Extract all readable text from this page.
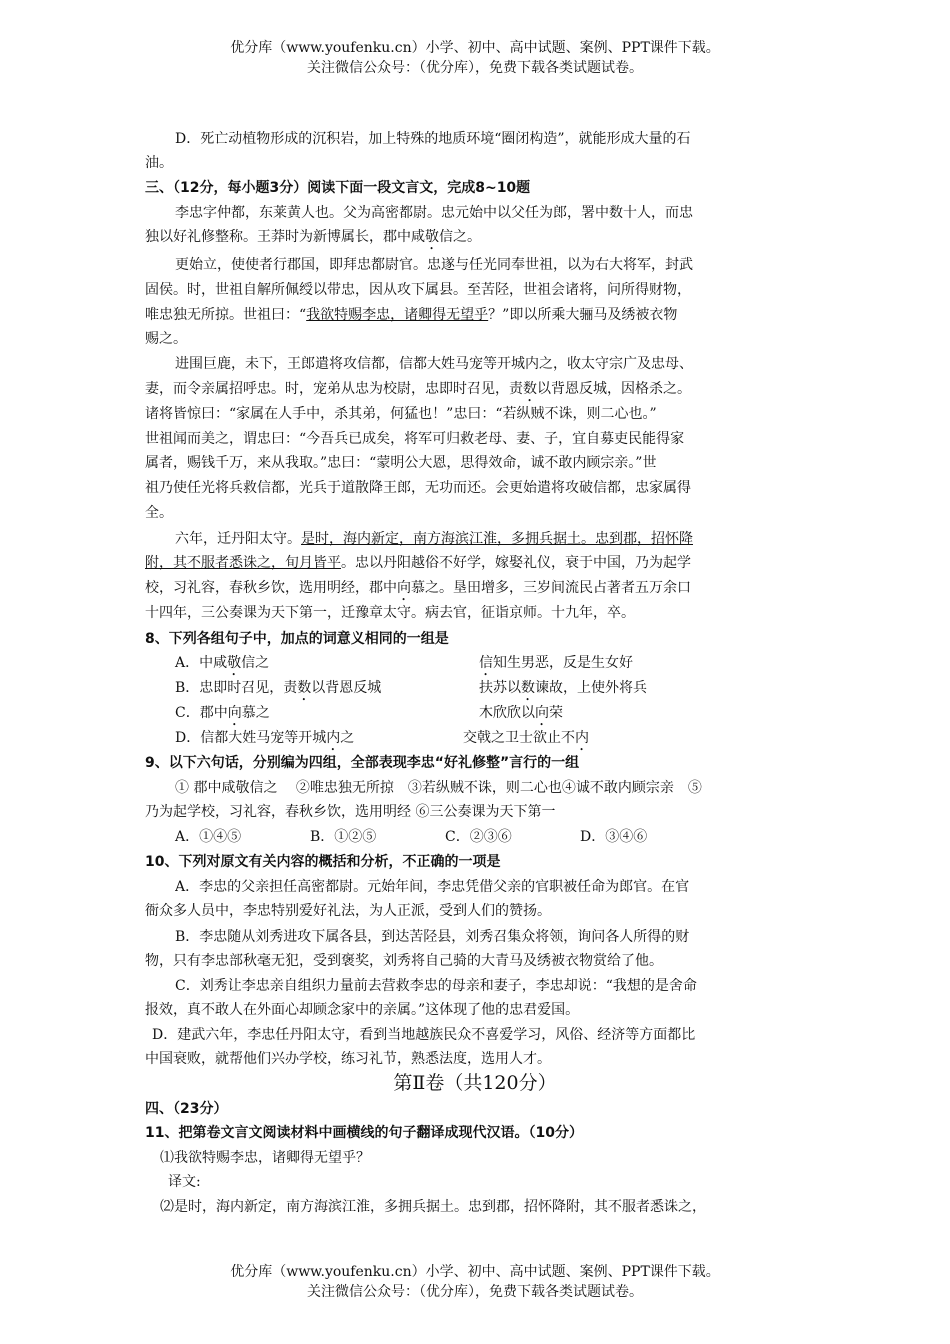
优分库（www.youfenku.cn）小学、初中、高中试题、案例、PPT课件下载。
关注微信公众号：（优分库），免费下载各类试题试卷。
D．死亡动植物形成的沉积岩，加上特殊的地质环境“圈闭构造”，就能形成大量的石
油。
三、（12分，每小题3分）阅读下面一段文言文，完成8~10题
李忠字仲都，东莱黄人也。父为高密都尉。忠元始中以父任为郎，署中数十人，而忠
独以好礼修整称。王莽时为新博属长，郡中咸敬信之。
更始立，使使者行郡国，即拜忠都尉官。忠遂与任光同奉世祖，以为右大将军，封武
固侯。时，世祖自解所佩绶以带忠，因从攻下属县。至苦陉，世祖会诸将，问所得财物，
唯忠独无所掠。世祖曰：“我欲特赐李忠，诸卿得无望乎？”即以所乘大骊马及绣被衣物
赐之。
进围巨鹿，未下，王郎遣将攻信都，信都大姓马宠等开城内之，收太守宗广及忠母、
妻，而令亲属招呼忠。时，宠弟从忠为校尉，忠即时召见，责数以背恩反城，因格杀之。
诸将皆惊曰：“家属在人手中，杀其弟，何猛也！”忠曰：“若纵贼不诛，则二心也。”
世祖闻而美之，谓忠曰：“今吾兵已成矣，将军可归救老母、妻、子，宜自募吏民能得家
属者，赐钱千万，来从我取。”忠曰：“蒙明公大恩，思得效命，诚不敢内顾宗亲。”世
祖乃使任光将兵救信都，光兵于道散降王郎，无功而还。会更始遣将攻破信都，忠家属得
全。
六年，迁丹阳太守。是时，海内新定，南方海滨江淮，多拥兵据土。忠到郡，招怀降
附，其不服者悉诛之，旬月皆平。忠以丹阳越俗不好学，嫁娶礼仪，衰于中国，乃为起学
校，习礼容，春秋乡饮，选用明经，郡中向慕之。垦田增多，三岁间流民占著者五万余口
十四年，三公奏课为天下第一，迁豫章太守。病去官，征诣京师。十九年，卒。
8、下列各组句子中，加点的词意义相同的一组是
A．中咸敬信之	信知生男恶，反是生女好
B．忠即时召见，责数以背恩反城	扶苏以数谏故，上使外将兵
C．郡中向慕之	木欣欣以向荣
D．信都大姓马宠等开城内之	交戟之卫士欲止不内
9、以下六句话，分别编为四组，全部表现李忠“好礼修整”言行的一组
① 郡中咸敬信之　 ②唯忠独无所掠　③若纵贼不诛，则二心也④诚不敢内顾宗亲　⑤
乃为起学校，习礼容，春秋乡饮，选用明经 ⑥三公奏课为天下第一
A．①④⑤	B．①②⑤	C．②③⑥	D．③④⑥
10、下列对原文有关内容的概括和分析，不正确的一项是
A．李忠的父亲担任高密都尉。元始年间，李忠凭借父亲的官职被任命为郎官。在官
衙众多人员中，李忠特别爱好礼法，为人正派，受到人们的赞扬。
B．李忠随从刘秀进攻下属各县，到达苦陉县，刘秀召集众将领，询问各人所得的财
物，只有李忠部秋毫无犯，受到褒奖，刘秀将自己骑的大青马及绣被衣物赏给了他。
C．刘秀让李忠亲自组织力量前去营救李忠的母亲和妻子，李忠却说：“我想的是舍命
报效，真不敢人在外面心却顾念家中的亲属。”这体现了他的忠君爱国。
D．建武六年，李忠任丹阳太守，看到当地越族民众不喜爱学习，风俗、经济等方面都比
中国衰败，就帮他们兴办学校，练习礼节，熟悉法度，选用人才。
第Ⅱ卷（共120分）
四、（23分）
11、把第卷文言文阅读材料中画横线的句子翻译成现代汉语。（10分）
⑴我欲特赐李忠，诸卿得无望乎？
译文:
⑵是时，海内新定，南方海滨江淮，多拥兵据土。忠到郡，招怀降附，其不服者悉诛之，
优分库（www.youfenku.cn）小学、初中、高中试题、案例、PPT课件下载。
关注微信公众号：（优分库），免费下载各类试题试卷。
